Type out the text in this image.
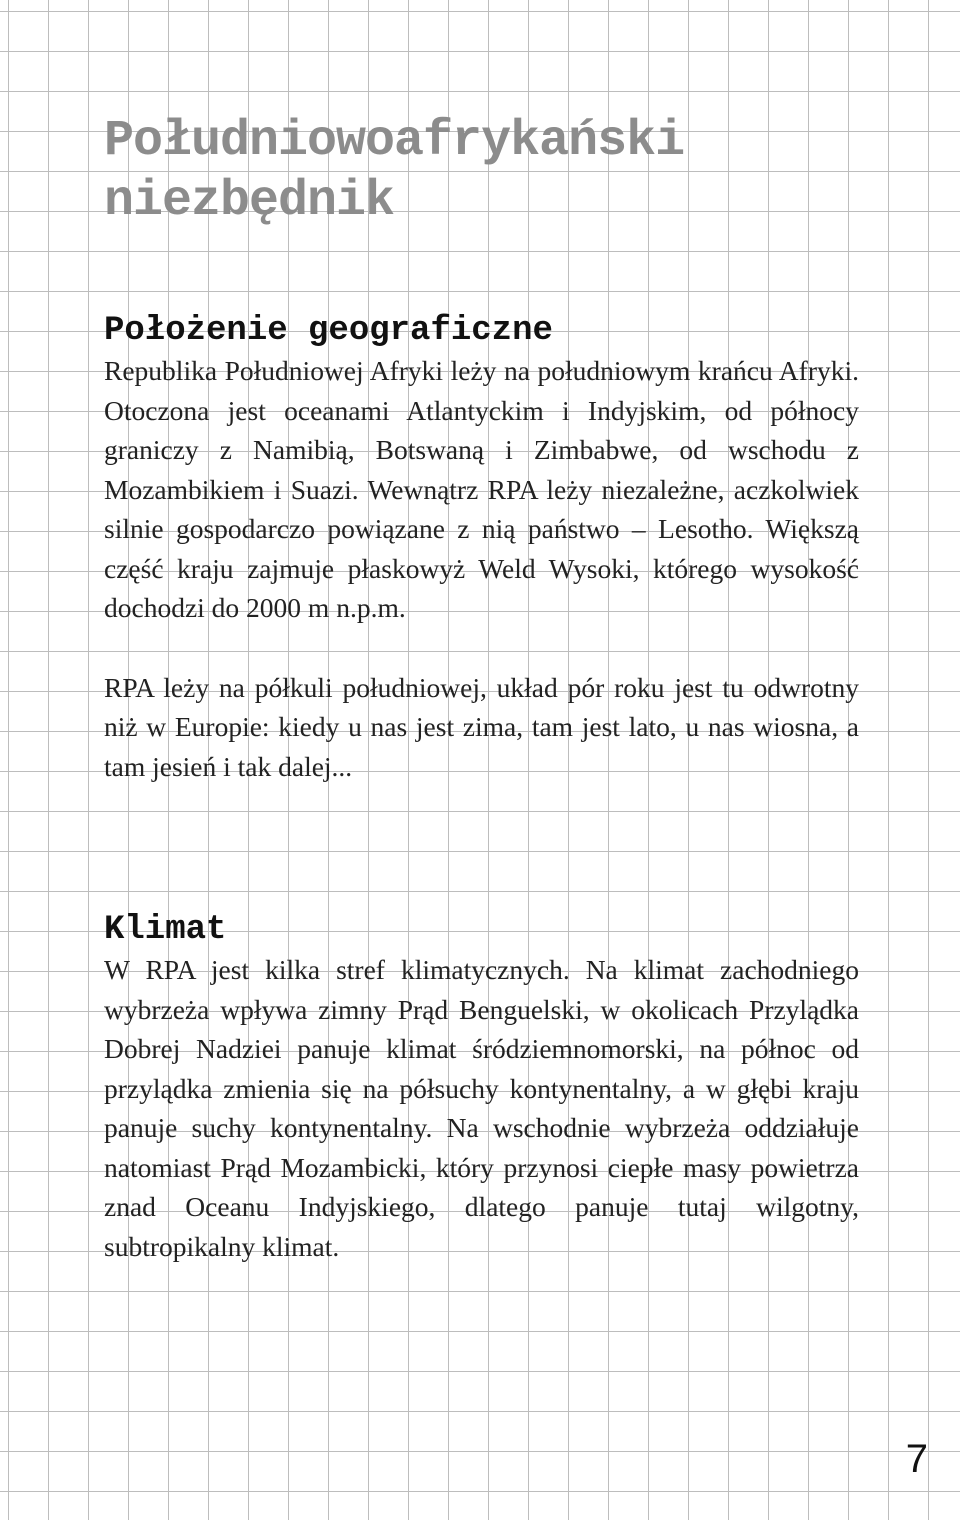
Południowoafrykański niezbędnik
Położenie geograficzne

Republika Południowej Afryki leży na południowym krańcu Afryki. Otoczona jest oceanami Atlantyckim i Indyjskim, od północy graniczy z Namibią, Botswaną i Zimbabwe, od wschodu z Mozambikiem i Suazi. Wewnątrz RPA leży niezależne, aczkolwiek silnie gospodarczo powiązane z nią państwo – Lesotho. Większą część kraju zajmuje płaskowyż Weld Wysoki, którego wysokość dochodzi do 2000 m n.p.m.

RPA leży na półkuli południowej, układ pór roku jest tu odwrotny niż w Europie: kiedy u nas jest zima, tam jest lato, u nas wiosna, a tam jesień i tak dalej...

Klimat

W RPA jest kilka stref klimatycznych. Na klimat zachodniego wybrzeża wpływa zimny Prąd Benguelski, w okolicach Przylądka Dobrej Nadziei panuje klimat śródziemnomorski, na północ od przylądka zmienia się na półsuchy kontynentalny, a w głębi kraju panuje suchy kontynentalny. Na wschodnie wybrzeża oddziałuje natomiast Prąd Mozambicki, który przynosi ciepłe masy powietrza znad Oceanu Indyjskiego, dlatego panuje tutaj wilgotny, subtropikalny klimat.

7
